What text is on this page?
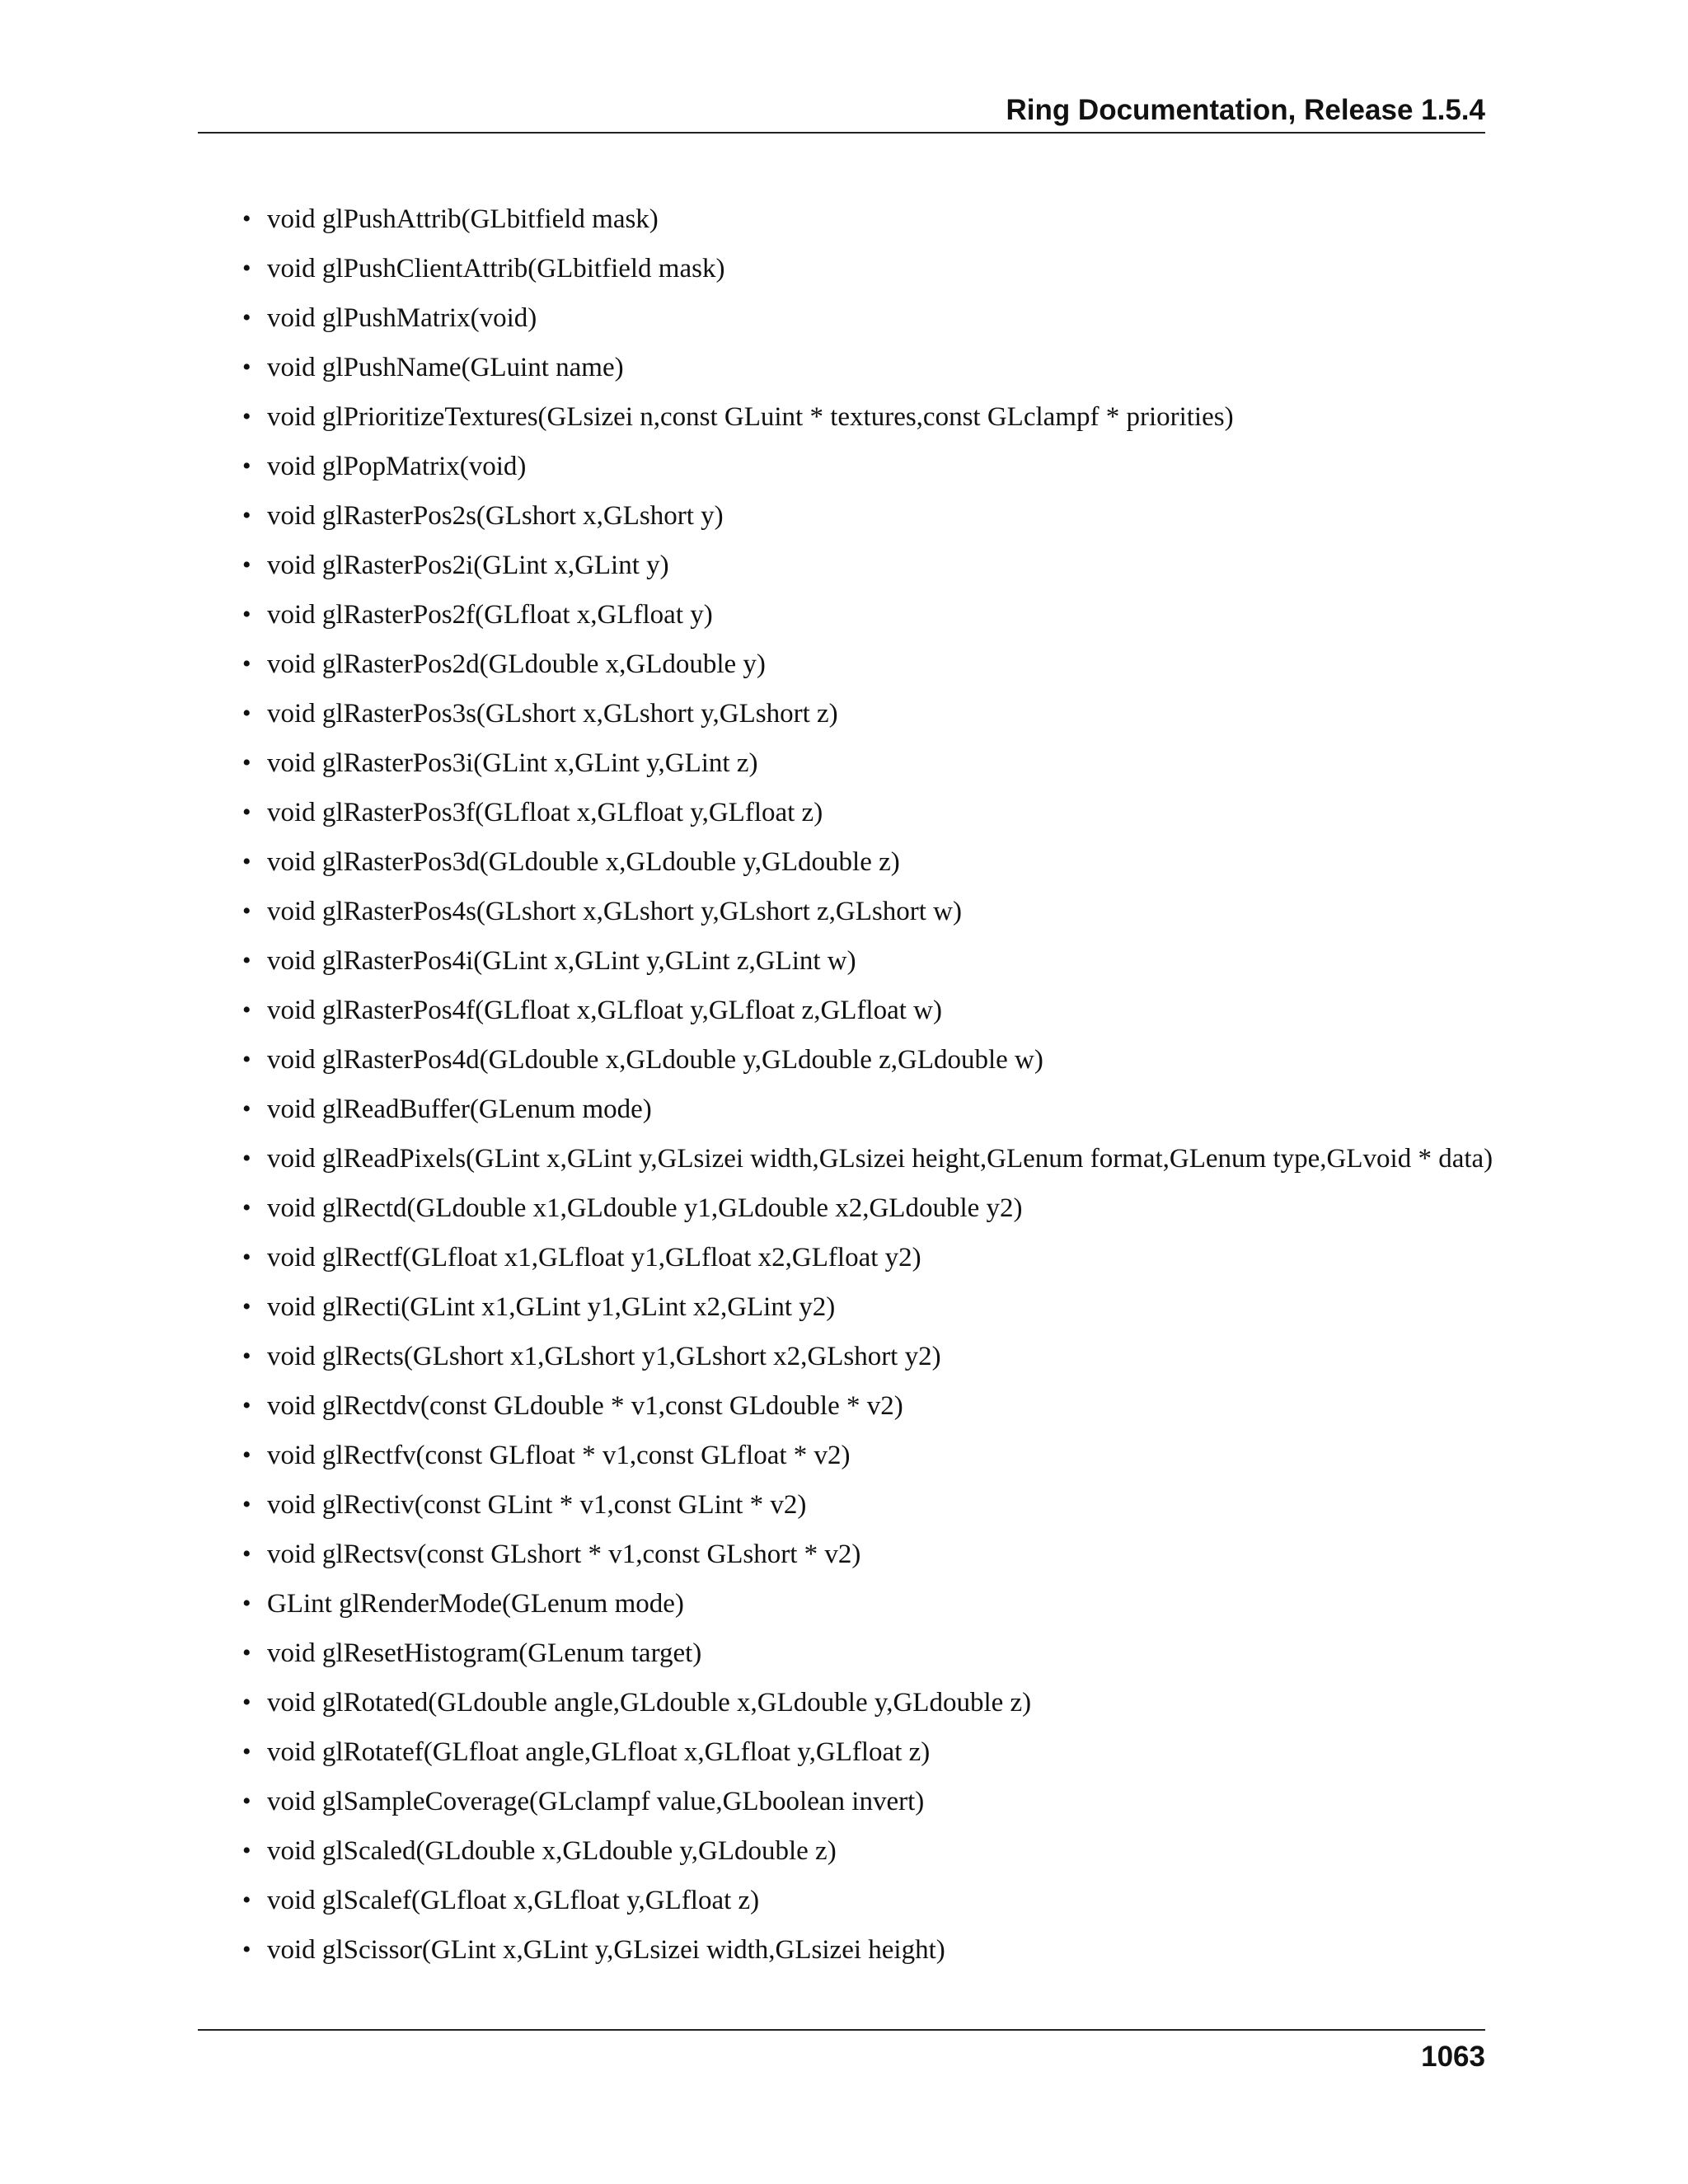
Ring Documentation, Release 1.5.4
• void glPushAttrib(GLbitfield mask)
• void glPushClientAttrib(GLbitfield mask)
• void glPushMatrix(void)
• void glPushName(GLuint name)
• void glPrioritizeTextures(GLsizei n,const GLuint * textures,const GLclampf * priorities)
• void glPopMatrix(void)
• void glRasterPos2s(GLshort x,GLshort y)
• void glRasterPos2i(GLint x,GLint y)
• void glRasterPos2f(GLfloat x,GLfloat y)
• void glRasterPos2d(GLdouble x,GLdouble y)
• void glRasterPos3s(GLshort x,GLshort y,GLshort z)
• void glRasterPos3i(GLint x,GLint y,GLint z)
• void glRasterPos3f(GLfloat x,GLfloat y,GLfloat z)
• void glRasterPos3d(GLdouble x,GLdouble y,GLdouble z)
• void glRasterPos4s(GLshort x,GLshort y,GLshort z,GLshort w)
• void glRasterPos4i(GLint x,GLint y,GLint z,GLint w)
• void glRasterPos4f(GLfloat x,GLfloat y,GLfloat z,GLfloat w)
• void glRasterPos4d(GLdouble x,GLdouble y,GLdouble z,GLdouble w)
• void glReadBuffer(GLenum mode)
• void glReadPixels(GLint x,GLint y,GLsizei width,GLsizei height,GLenum format,GLenum type,GLvoid * data)
• void glRectd(GLdouble x1,GLdouble y1,GLdouble x2,GLdouble y2)
• void glRectf(GLfloat x1,GLfloat y1,GLfloat x2,GLfloat y2)
• void glRecti(GLint x1,GLint y1,GLint x2,GLint y2)
• void glRects(GLshort x1,GLshort y1,GLshort x2,GLshort y2)
• void glRectdv(const GLdouble * v1,const GLdouble * v2)
• void glRectfv(const GLfloat * v1,const GLfloat * v2)
• void glRectiv(const GLint * v1,const GLint * v2)
• void glRectsv(const GLshort * v1,const GLshort * v2)
• GLint glRenderMode(GLenum mode)
• void glResetHistogram(GLenum target)
• void glRotated(GLdouble angle,GLdouble x,GLdouble y,GLdouble z)
• void glRotatef(GLfloat angle,GLfloat x,GLfloat y,GLfloat z)
• void glSampleCoverage(GLclampf value,GLboolean invert)
• void glScaled(GLdouble x,GLdouble y,GLdouble z)
• void glScalef(GLfloat x,GLfloat y,GLfloat z)
• void glScissor(GLint x,GLint y,GLsizei width,GLsizei height)
1063
